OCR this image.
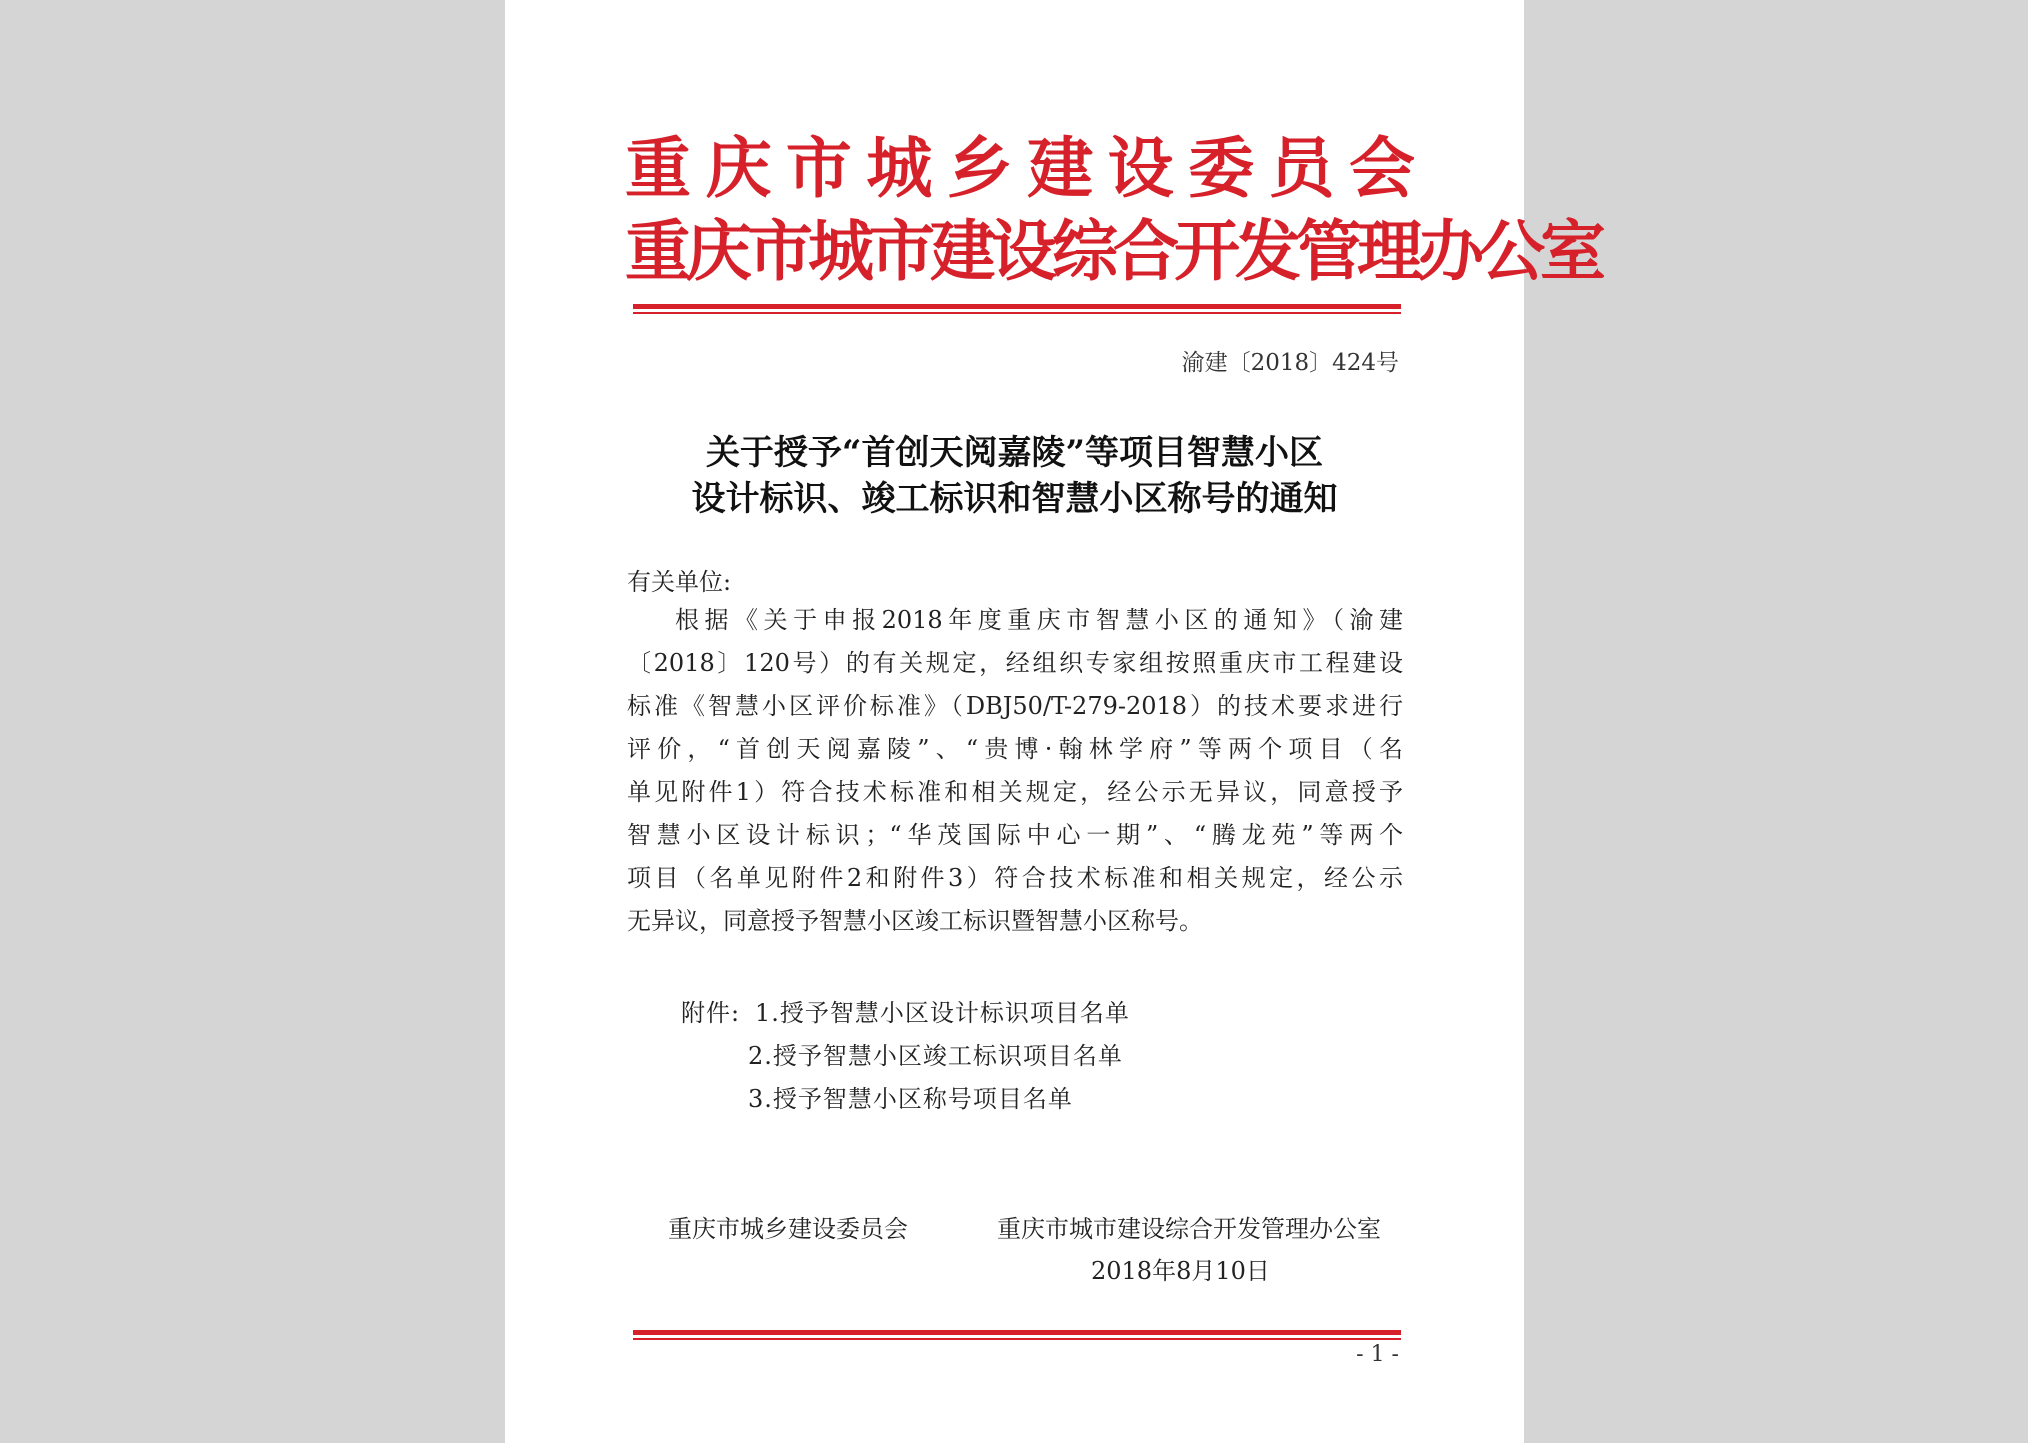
重庆市城乡建设委员会
重庆市城市建设综合开发管理办公室
渝建〔2018〕424号
关于授予“首创天阅嘉陵”等项目智慧小区
设计标识、竣工标识和智慧小区称号的通知
有关单位:
根据《关于申报2018年度重庆市智慧小区的通知》（渝建
〔2018〕120号）的有关规定，经组织专家组按照重庆市工程建设
标准《智慧小区评价标准》（DBJ50/T-279-2018）的技术要求进行
评价，“首创天阅嘉陵”、“贵博·翰林学府”等两个项目（名
单见附件1）符合技术标准和相关规定，经公示无异议，同意授予
智慧小区设计标识；“华茂国际中心一期”、“腾龙苑”等两个
项目（名单见附件2和附件3）符合技术标准和相关规定，经公示
无异议，同意授予智慧小区竣工标识暨智慧小区称号。
附件: 1.授予智慧小区设计标识项目名单
2.授予智慧小区竣工标识项目名单
3.授予智慧小区称号项目名单
重庆市城乡建设委员会	重庆市城市建设综合开发管理办公室
2018年8月10日
- 1 -
